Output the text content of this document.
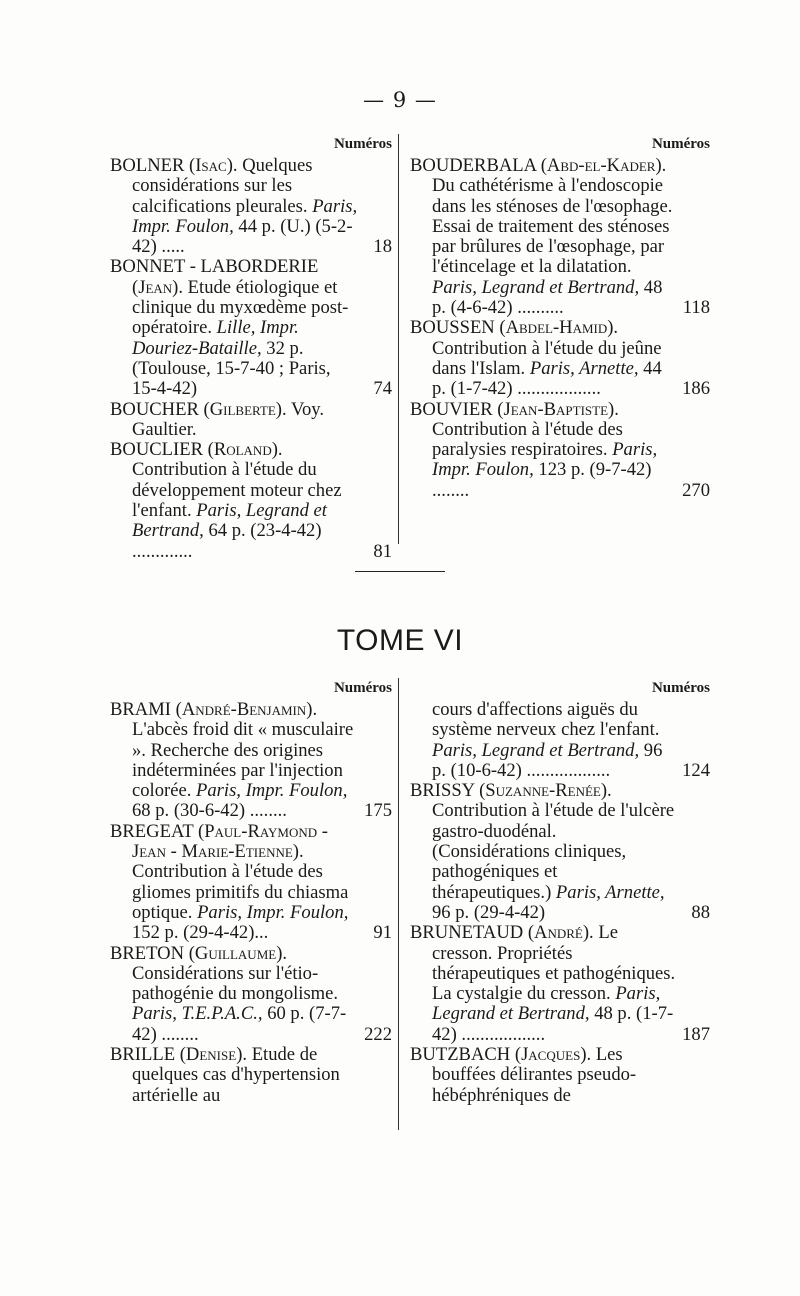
— 9 —
Numéros
BOLNER (Isac). Quelques considérations sur les calcifications pleurales. Paris, Impr. Foulon, 44 p. (U.) (5-2-42) .....	18
BONNET - LABORDERIE (Jean). Etude étiologique et clinique du myxœdème post-opératoire. Lille, Impr. Douriez-Bataille, 32 p. (Toulouse, 15-7-40 ; Paris, 15-4-42)	74
BOUCHER (Gilberte). Voy. Gaultier.
BOUCLIER (Roland). Contribution à l'étude du développement moteur chez l'enfant. Paris, Legrand et Bertrand, 64 p. (23-4-42) .............	81
Numéros
BOUDERBALA (Abd-el-Kader). Du cathétérisme à l'endoscopie dans les sténoses de l'œsophage. Essai de traitement des sténoses par brûlures de l'œsophage, par l'étincelage et la dilatation. Paris, Legrand et Bertrand, 48 p. (4-6-42) ..........	118
BOUSSEN (Abdel-Hamid). Contribution à l'étude du jeûne dans l'Islam. Paris, Arnette, 44 p. (1-7-42) ..................	186
BOUVIER (Jean-Baptiste). Contribution à l'étude des paralysies respiratoires. Paris, Impr. Foulon, 123 p. (9-7-42) ........	270
TOME VI
Numéros
BRAMI (André-Benjamin). L'abcès froid dit « musculaire ». Recherche des origines indéterminées par l'injection colorée. Paris, Impr. Foulon, 68 p. (30-6-42) ........	175
BREGEAT (Paul-Raymond - Jean - Marie-Etienne). Contribution à l'étude des gliomes primitifs du chiasma optique. Paris, Impr. Foulon, 152 p. (29-4-42)...	91
BRETON (Guillaume). Considérations sur l'étio-pathogénie du mongolisme. Paris, T.E.P.A.C., 60 p. (7-7-42) ........	222
BRILLE (Denise). Etude de quelques cas d'hypertension artérielle au
Numéros
cours d'affections aiguës du système nerveux chez l'enfant. Paris, Legrand et Bertrand, 96 p. (10-6-42) ..................	124
BRISSY (Suzanne-Renée). Contribution à l'étude de l'ulcère gastro-duodénal. (Considérations cliniques, pathogéniques et thérapeutiques.) Paris, Arnette, 96 p. (29-4-42)	88
BRUNETAUD (André). Le cresson. Propriétés thérapeutiques et pathogéniques. La cystalgie du cresson. Paris, Legrand et Bertrand, 48 p. (1-7-42) ..................	187
BUTZBACH (Jacques). Les bouffées délirantes pseudo-hébéphréniques de
